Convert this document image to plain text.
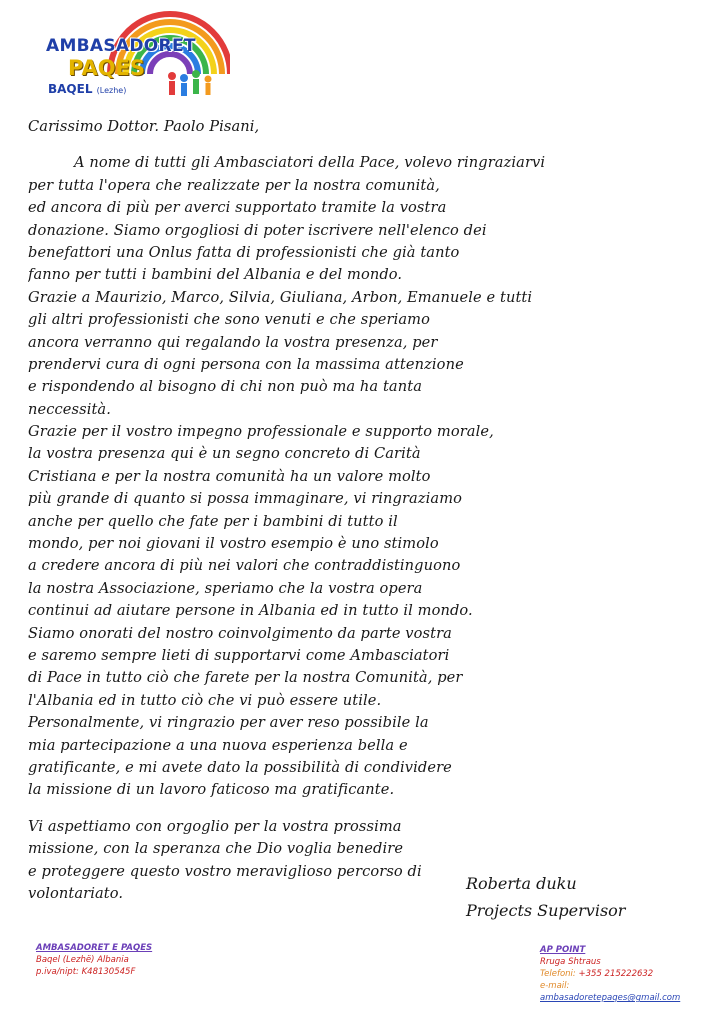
AMBASADORET
PAQES
BAQEL (Lezhe)
Carissimo Dottor. Paolo Pisani,
A nome di tutti gli Ambasciatori della Pace, volevo ringraziarvi
per tutta l'opera che realizzate per la nostra comunità,
ed ancora di più per averci supportato tramite la vostra
donazione. Siamo orgogliosi di poter iscrivere nell'elenco dei
benefattori una Onlus fatta di professionisti che già tanto
fanno per tutti i bambini del Albania e del mondo.
Grazie a Maurizio, Marco, Silvia, Giuliana, Arbon, Emanuele e tutti
gli altri professionisti che sono venuti e che speriamo
ancora verranno qui regalando la vostra presenza, per
prendervi cura di ogni persona con la massima attenzione
e rispondendo al bisogno di chi non può ma ha tanta
neccessità.
Grazie per il vostro impegno professionale e supporto morale,
la vostra presenza qui è un segno concreto di Carità
Cristiana e per la nostra comunità ha un valore molto
più grande di quanto si possa immaginare, vi ringraziamo
anche per quello che fate per i bambini di tutto il
mondo, per noi giovani il vostro esempio è uno stimolo
a credere ancora di più nei valori che contraddistinguono
la nostra Associazione, speriamo che la vostra opera
continui ad aiutare persone in Albania ed in tutto il mondo.
Siamo onorati del nostro coinvolgimento da parte vostra
e saremo sempre lieti di supportarvi come Ambasciatori
di Pace in tutto ciò che farete per la nostra Comunità, per
l'Albania ed in tutto ciò che vi può essere utile.
Personalmente, vi ringrazio per aver reso possibile la
mia partecipazione a una nuova esperienza bella e
gratificante, e mi avete dato la possibilità di condividere
la missione di un lavoro faticoso ma gratificante.
Vi aspettiamo con orgoglio per la vostra prossima
missione, con la speranza che Dio voglia benedire
e proteggere questo vostro meraviglioso percorso di
volontariato.
Roberta duku
Projects Supervisor
AMBASADORET E PAQES
Baqel (Lezhë) Albania
p.iva/nipt: K48130545F
AP POINT
Rruga Shtraus
Telefoni: +355 215222632
e-mail:
ambasadoretepaqes@gmail.com
